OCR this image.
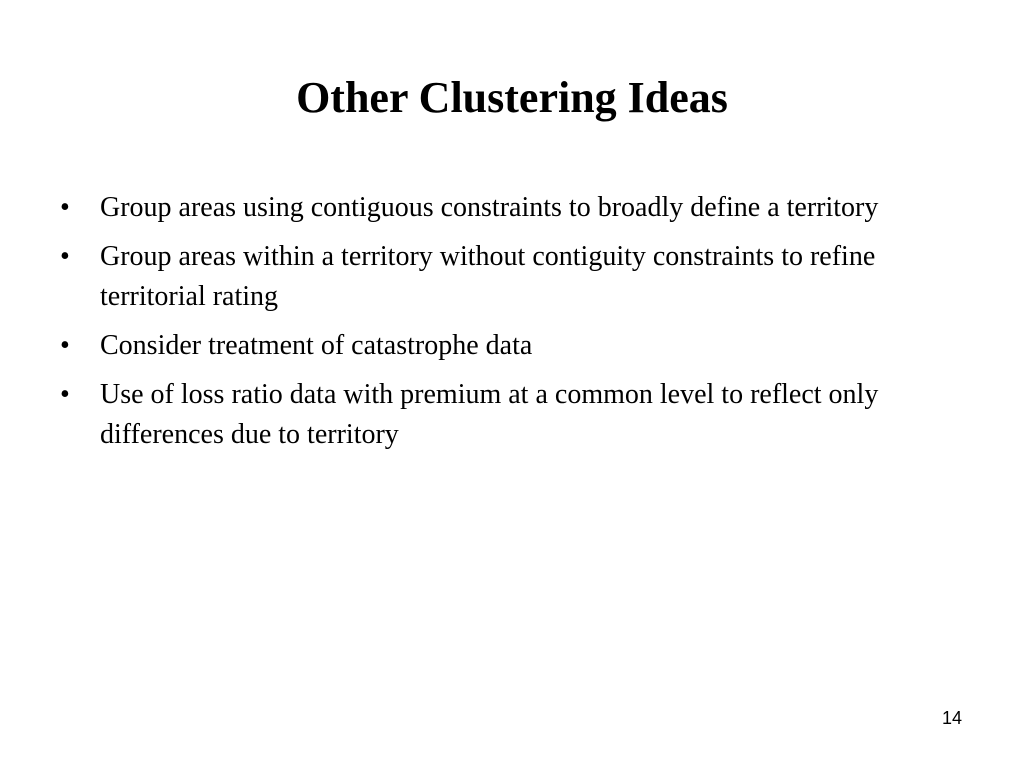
Other Clustering Ideas
•	Group areas using contiguous constraints to broadly define a territory
•	Group areas within a territory without contiguity constraints to refine territorial rating
•	Consider treatment of catastrophe data
•	Use of loss ratio data with premium at a common level to reflect only differences due to territory
14
